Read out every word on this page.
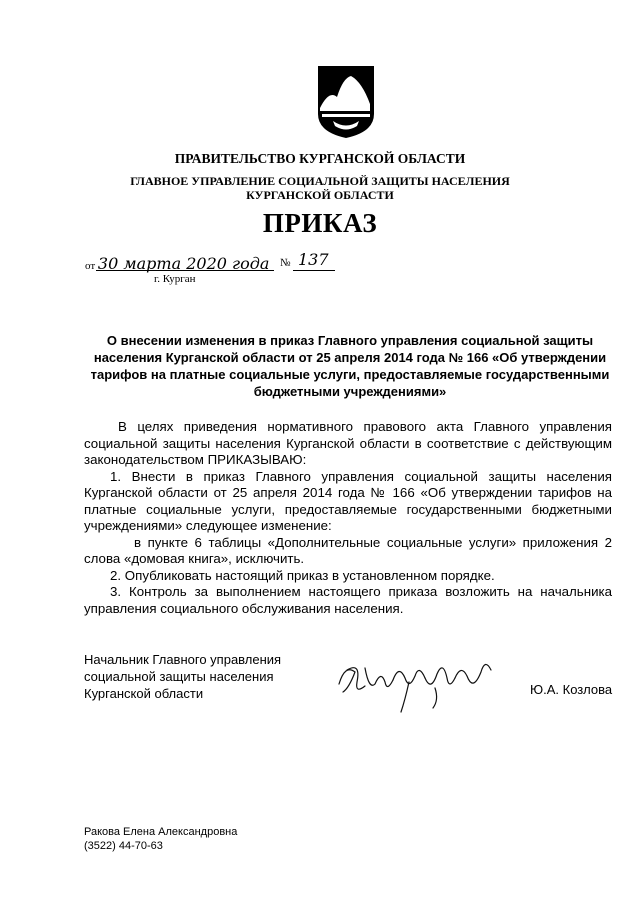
ПРАВИТЕЛЬСТВО КУРГАНСКОЙ ОБЛАСТИ
ГЛАВНОЕ УПРАВЛЕНИЕ СОЦИАЛЬНОЙ ЗАЩИТЫ НАСЕЛЕНИЯ
КУРГАНСКОЙ ОБЛАСТИ
ПРИКАЗ
от 30 марта 2020 года № 137
г. Курган
О внесении изменения в приказ Главного управления социальной защиты населения Курганской области от 25 апреля 2014 года № 166 «Об утверждении тарифов на платные социальные услуги, предоставляемые государственными бюджетными учреждениями»

В целях приведения нормативного правового акта Главного управления социальной защиты населения Курганской области в соответствие с действующим законодательством ПРИКАЗЫВАЮ:

1. Внести в приказ Главного управления социальной защиты населения Курганской области от 25 апреля 2014 года № 166 «Об утверждении тарифов на платные социальные услуги, предоставляемые государственными бюджетными учреждениями» следующее изменение:

в пункте 6 таблицы «Дополнительные социальные услуги» приложения 2 слова «домовая книга», исключить.

2. Опубликовать настоящий приказ в установленном порядке.

3. Контроль за выполнением настоящего приказа возложить на начальника управления социального обслуживания населения.

Начальник Главного управления
социальной защиты населения
Курганской области	Ю.А. Козлова
Ракова Елена Александровна
(3522) 44-70-63
